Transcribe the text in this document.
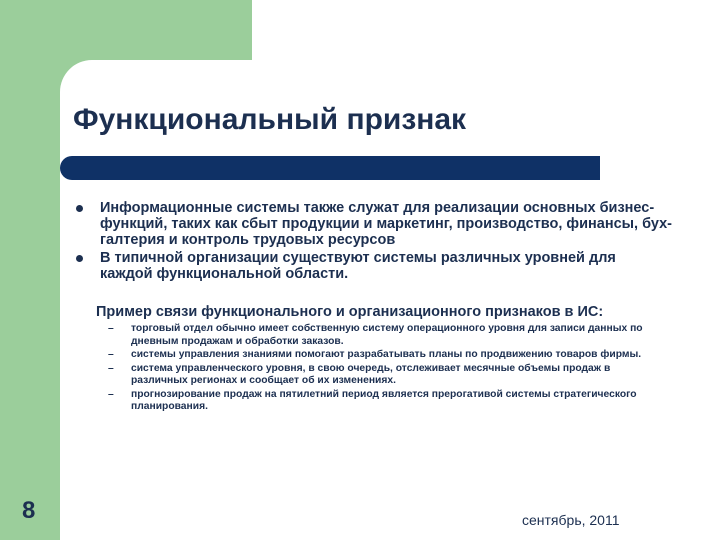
Функциональный признак
Информационные системы также служат для реализации основных бизнес-функций, таких как сбыт продукции и маркетинг, производство, финансы, бух-галтерия и контроль трудовых ресурсов
В типичной организации существуют системы различных уровней для каждой функциональной области.
Пример связи функционального и организационного признаков в ИС:
– торговый отдел обычно имеет собственную систему операционного уровня для записи данных по дневным продажам и обработки заказов.
– системы управления знаниями помогают разрабатывать планы по продвижению товаров фирмы.
– система управленческого уровня, в свою очередь, отслеживает месячные объемы продаж в различных регионах и сообщает об их изменениях.
– прогнозирование продаж на пятилетний период является прерогативой системы стратегического планирования.
8	сентябрь, 2011
